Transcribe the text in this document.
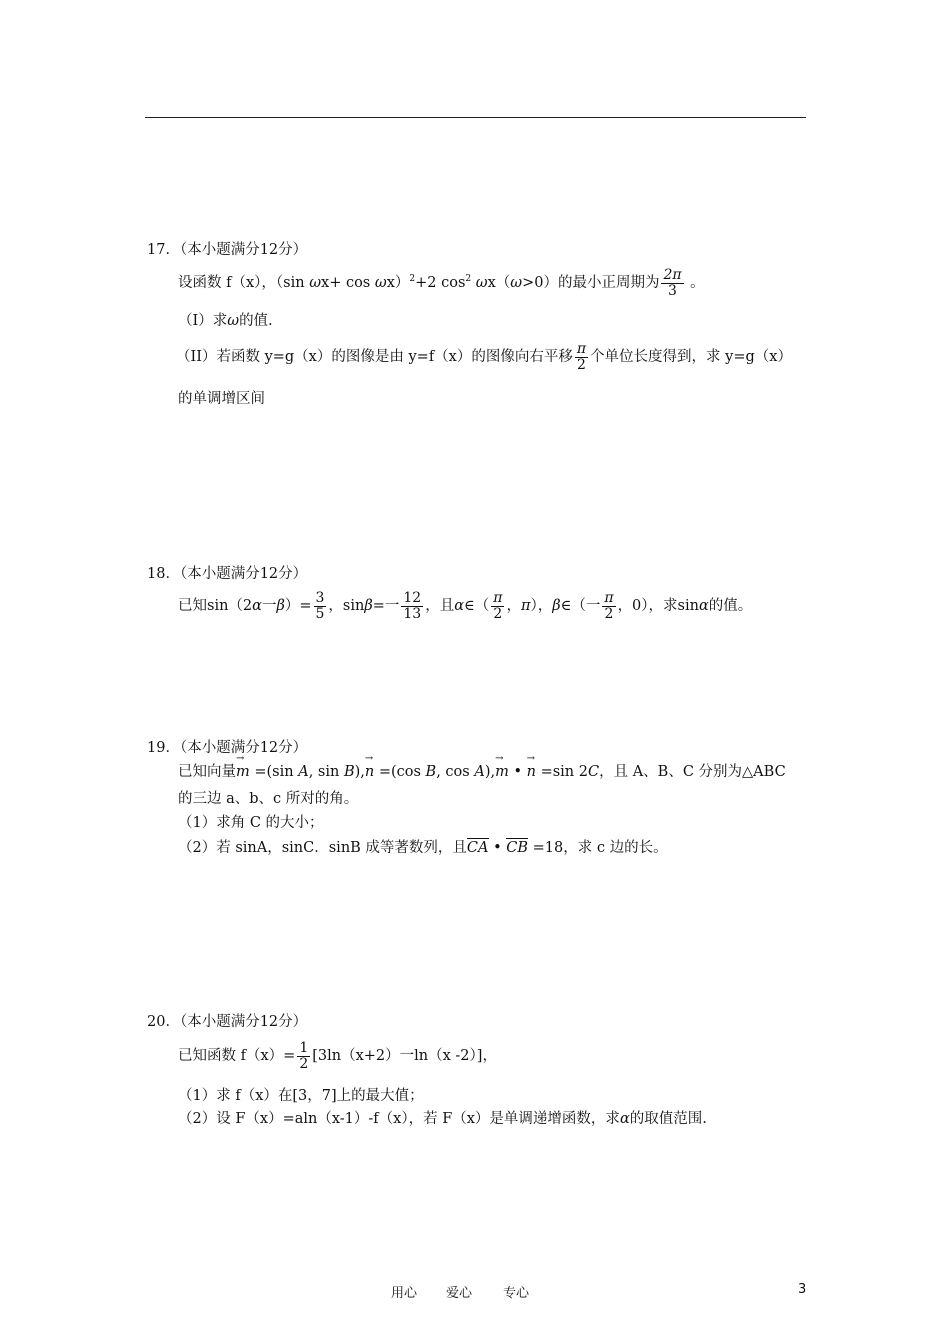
17．（本小题满分12分）
设函数 f（x），（sin ωx+ cos ωx）$^2$+2 $\cos^2 \omega x(\omega>0)$的最小正周期为 $\frac{2\pi}{3}$ 。
（I）求ω的值.
（II）若函数 y=g（x）的图像是由 y=f（x）的图像向右平移 $\frac{\pi}{2}$ 个单位长度得到，求 y=g（x）
的单调增区间
18．（本小题满分12分）
已知sin（2α一$\beta)= \frac{3}{5}$ ，sinβ=一 $\frac{12}{13}$ ，且α∈（ $\frac{\pi}{2}$ ，π），β∈（一 $\frac{\pi}{2}$ ，0），求sinα的值。
19．（本小题满分12分）
已知向量→ m =(sin A, sin B),→ n =(cos B, cos A),→ m • → n =sin 2C，且 A、B、C 分别为△ABC
的三边 a、b、c 所对的角。
（1）求角 C 的大小；
（2）若 sinA，sinC．sinB 成等著数列，且CA • CB =18，求 c 边的长。
20．（本小题满分12分）
已知函数 $f(x)= \frac{1}{2} [3\ln(x+2)$一ln（x -2）]，
（1）求 f（x）在[3，7]上的最大值；
（2）设 F（x）=aln（x-1）-f（x），若 F（x）是单调递增函数，求α的取值范围.
用心 爱心 专心	3
